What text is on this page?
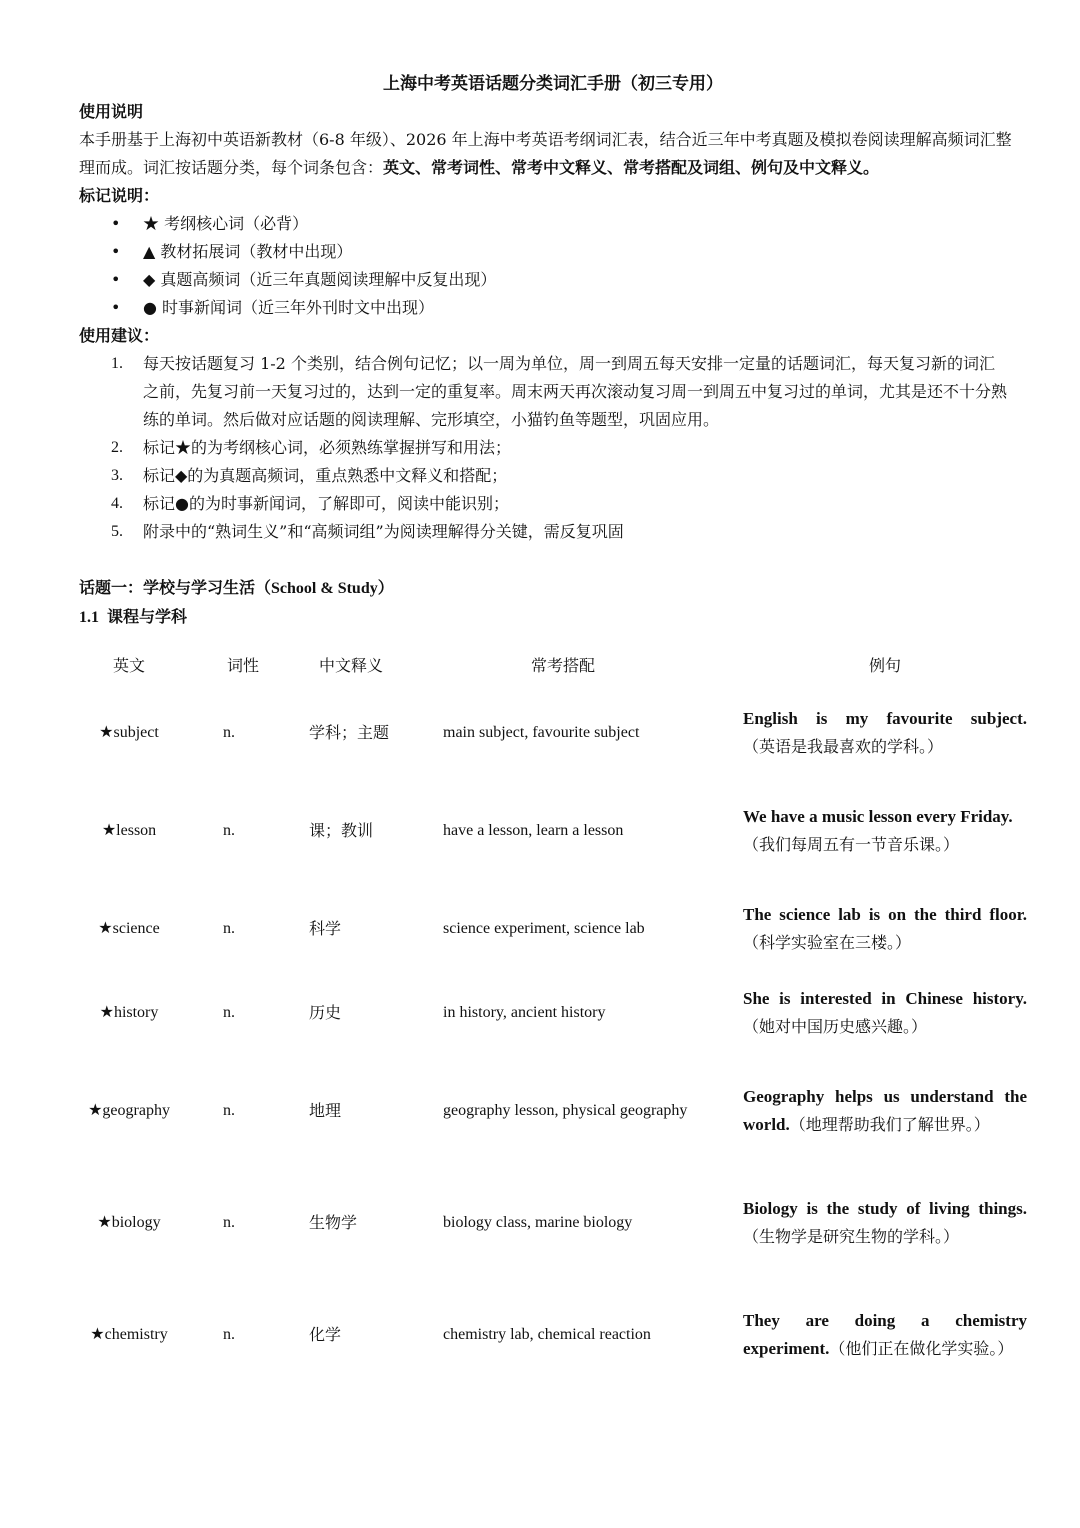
上海中考英语话题分类词汇手册（初三专用）
使用说明
本手册基于上海初中英语新教材（6-8 年级）、2026 年上海中考英语考纲词汇表，结合近三年中考真题及模拟卷阅读理解高频词汇整理而成。词汇按话题分类，每个词条包含：英文、常考词性、常考中文释义、常考搭配及词组、例句及中文释义。
标记说明：
• ★ 考纲核心词（必背）
• ▲ 教材拓展词（教材中出现）
• ◆ 真题高频词（近三年真题阅读理解中反复出现）
• ● 时事新闻词（近三年外刊时文中出现）
使用建议：
1. 每天按话题复习 1-2 个类别，结合例句记忆；以一周为单位，周一到周五每天安排一定量的话题词汇，每天复习新的词汇之前，先复习前一天复习过的，达到一定的重复率。周末两天再次滚动复习周一到周五中复习过的单词，尤其是还不十分熟练的单词。然后做对应话题的阅读理解、完形填空，小猫钓鱼等题型，巩固应用。
2. 标记★的为考纲核心词，必须熟练掌握拼写和用法；
3. 标记◆的为真题高频词，重点熟悉中文释义和搭配；
4. 标记●的为时事新闻词，了解即可，阅读中能识别；
5. 附录中的“熟词生义”和“高频词组”为阅读理解得分关键，需反复巩固
话题一：学校与学习生活（School & Study）
1.1 课程与学科
英文	词性	中文释义	常考搭配	例句
★subject	n.	学科；主题	main subject, favourite subject	English is my favourite subject.
（英语是我最喜欢的学科。）
★lesson	n.	课；教训	have a lesson, learn a lesson	We have a music lesson every Friday.
（我们每周五有一节音乐课。）
★science	n.	科学	science experiment, science lab	The science lab is on the third floor.（科学实验室在三楼。）
★history	n.	历史	in history, ancient history	She is interested in Chinese history.（她对中国历史感兴趣。）
★geography	n.	地理	geography lesson, physical geography	Geography helps us understand the world.（地理帮助我们了解世界。）
★biology	n.	生物学	biology class, marine biology	Biology is the study of living things.（生物学是研究生物的学科。）
★chemistry	n.	化学	chemistry lab, chemical reaction	They are doing a chemistry experiment.（他们正在做化学实验。）
